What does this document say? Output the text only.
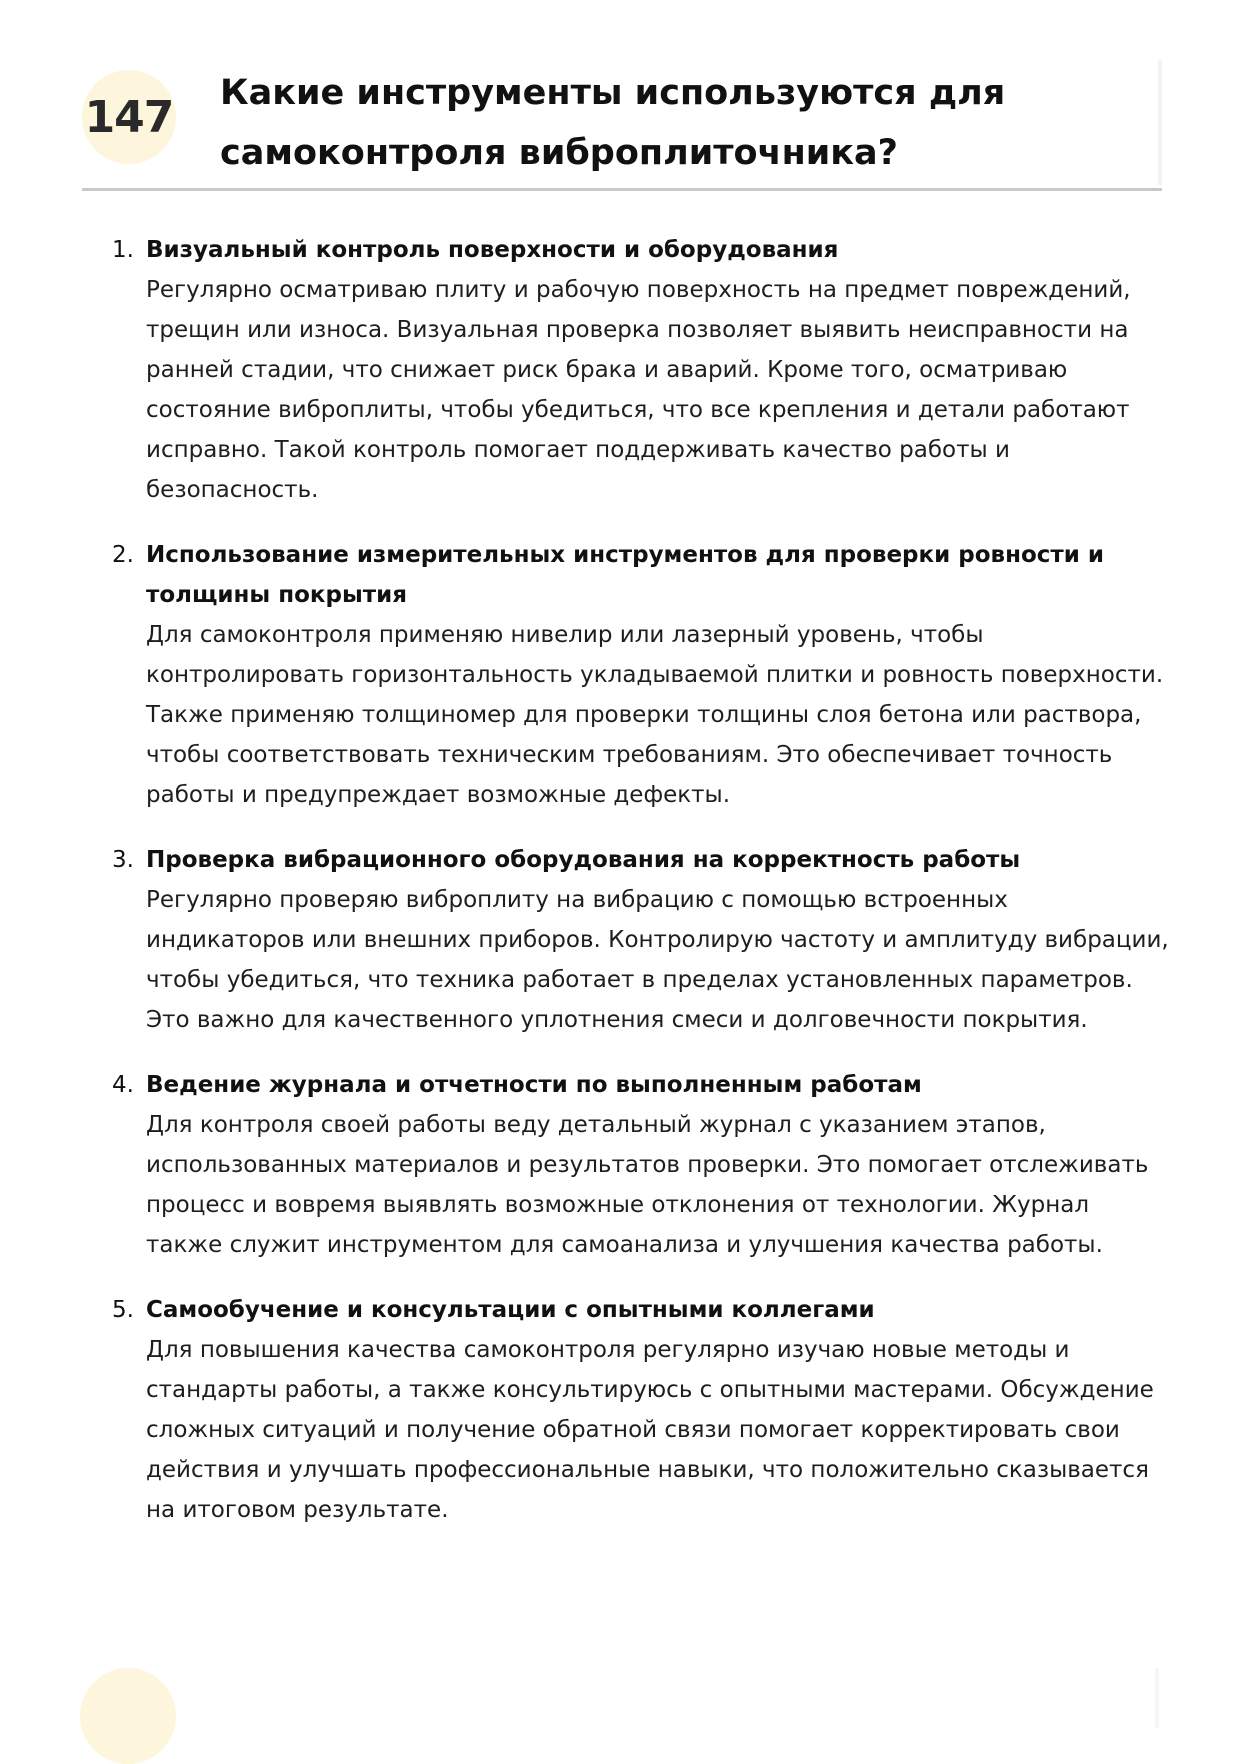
147 Какие инструменты используются для самоконтроля виброплиточника?
1. Визуальный контроль поверхности и оборудования
Регулярно осматриваю плиту и рабочую поверхность на предмет повреждений, трещин или износа. Визуальная проверка позволяет выявить неисправности на ранней стадии, что снижает риск брака и аварий. Кроме того, осматриваю состояние виброплиты, чтобы убедиться, что все крепления и детали работают исправно. Такой контроль помогает поддерживать качество работы и безопасность.
2. Использование измерительных инструментов для проверки ровности и толщины покрытия
Для самоконтроля применяю нивелир или лазерный уровень, чтобы контролировать горизонтальность укладываемой плитки и ровность поверхности. Также применяю толщиномер для проверки толщины слоя бетона или раствора, чтобы соответствовать техническим требованиям. Это обеспечивает точность работы и предупреждает возможные дефекты.
3. Проверка вибрационного оборудования на корректность работы
Регулярно проверяю виброплиту на вибрацию с помощью встроенных индикаторов или внешних приборов. Контролирую частоту и амплитуду вибрации, чтобы убедиться, что техника работает в пределах установленных параметров. Это важно для качественного уплотнения смеси и долговечности покрытия.
4. Ведение журнала и отчетности по выполненным работам
Для контроля своей работы веду детальный журнал с указанием этапов, использованных материалов и результатов проверки. Это помогает отслеживать процесс и вовремя выявлять возможные отклонения от технологии. Журнал также служит инструментом для самоанализа и улучшения качества работы.
5. Самообучение и консультации с опытными коллегами
Для повышения качества самоконтроля регулярно изучаю новые методы и стандарты работы, а также консультируюсь с опытными мастерами. Обсуждение сложных ситуаций и получение обратной связи помогает корректировать свои действия и улучшать профессиональные навыки, что положительно сказывается на итоговом результате.
